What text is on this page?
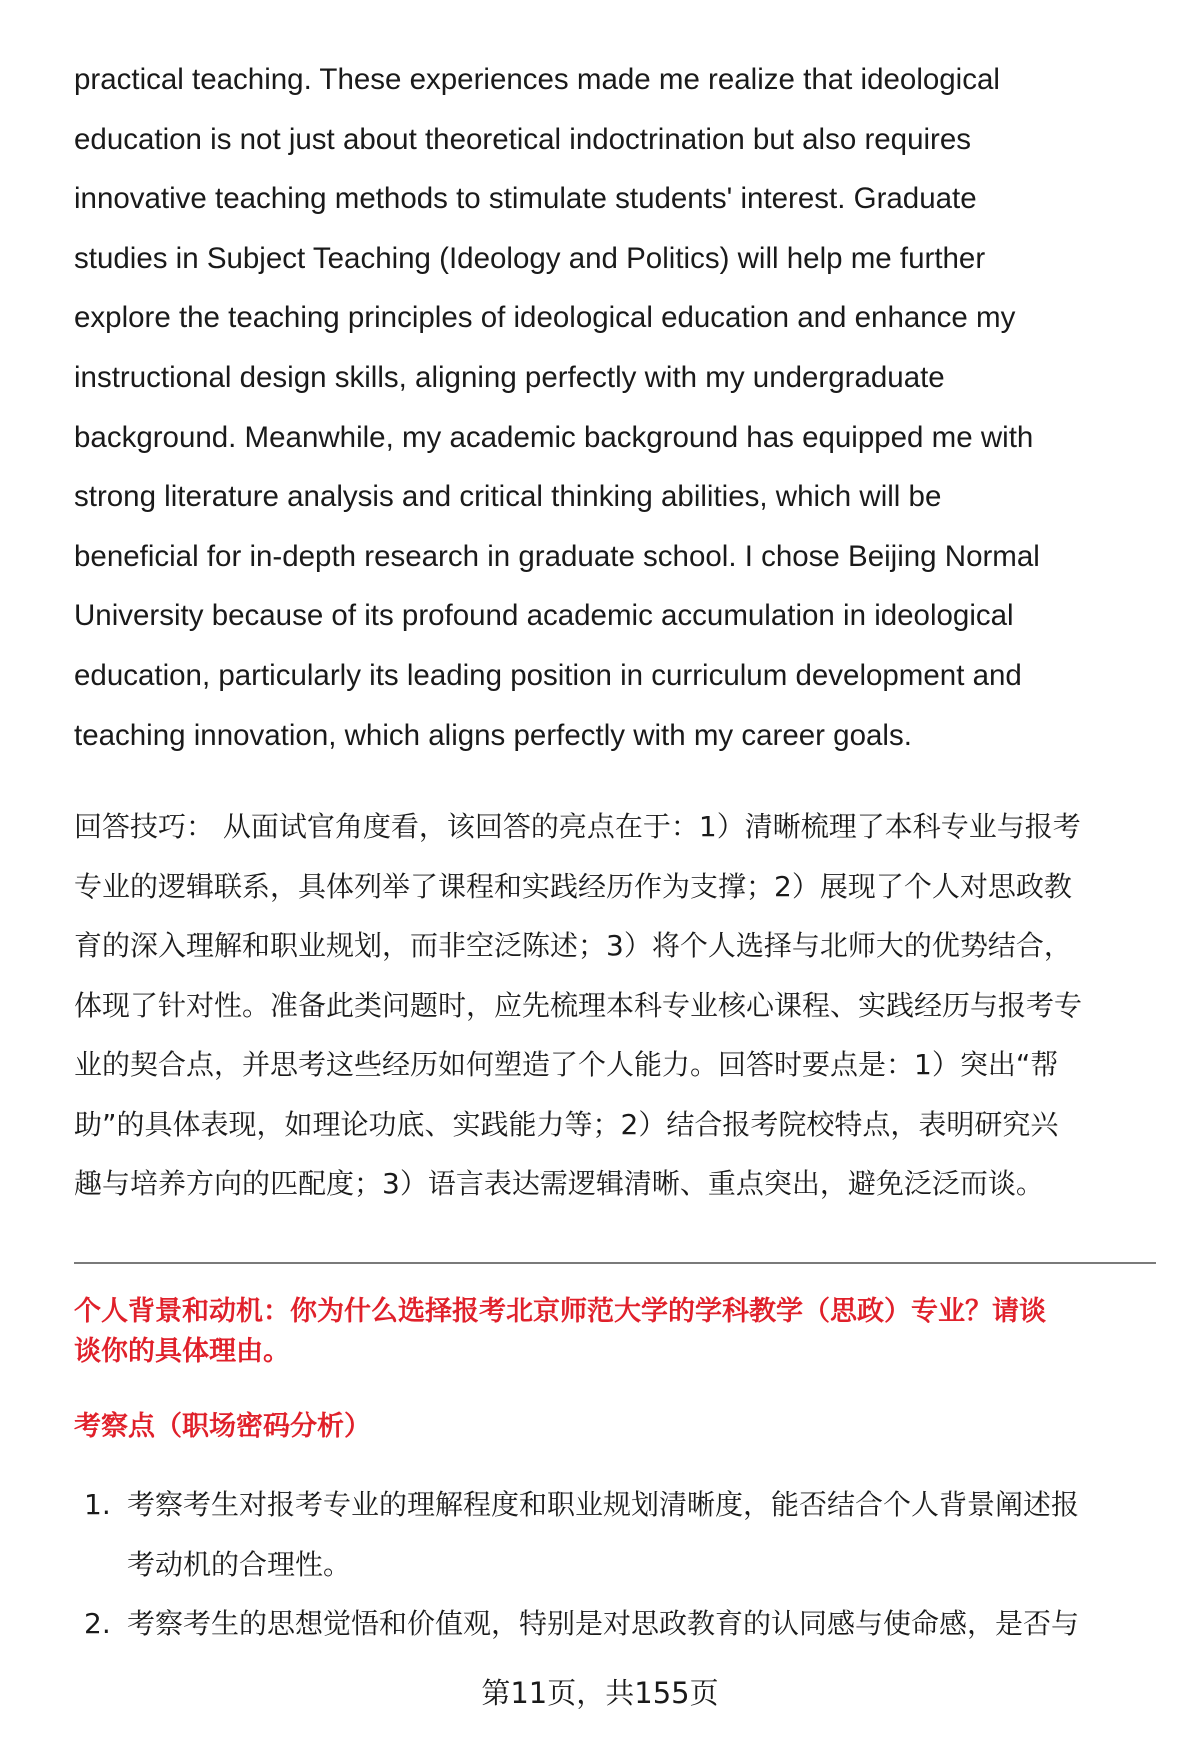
practical teaching. These experiences made me realize that ideological
education is not just about theoretical indoctrination but also requires
innovative teaching methods to stimulate students' interest. Graduate
studies in Subject Teaching (Ideology and Politics) will help me further
explore the teaching principles of ideological education and enhance my
instructional design skills, aligning perfectly with my undergraduate
background. Meanwhile, my academic background has equipped me with
strong literature analysis and critical thinking abilities, which will be
beneficial for in-depth research in graduate school. I chose Beijing Normal
University because of its profound academic accumulation in ideological
education, particularly its leading position in curriculum development and
teaching innovation, which aligns perfectly with my career goals.
回答技巧： 从面试官角度看，该回答的亮点在于：1）清晰梳理了本科专业与报考
专业的逻辑联系，具体列举了课程和实践经历作为支撑；2）展现了个人对思政教
育的深入理解和职业规划，而非空泛陈述；3）将个人选择与北师大的优势结合，
体现了针对性。准备此类问题时，应先梳理本科专业核心课程、实践经历与报考专
业的契合点，并思考这些经历如何塑造了个人能力。回答时要点是：1）突出“帮
助”的具体表现，如理论功底、实践能力等；2）结合报考院校特点，表明研究兴
趣与培养方向的匹配度；3）语言表达需逻辑清晰、重点突出，避免泛泛而谈。
个人背景和动机：你为什么选择报考北京师范大学的学科教学（思政）专业？请谈
谈你的具体理由。
考察点（职场密码分析）
1. 考察考生对报考专业的理解程度和职业规划清晰度，能否结合个人背景阐述报
考动机的合理性。
2. 考察考生的思想觉悟和价值观，特别是对思政教育的认同感与使命感，是否与
第11页，共155页
